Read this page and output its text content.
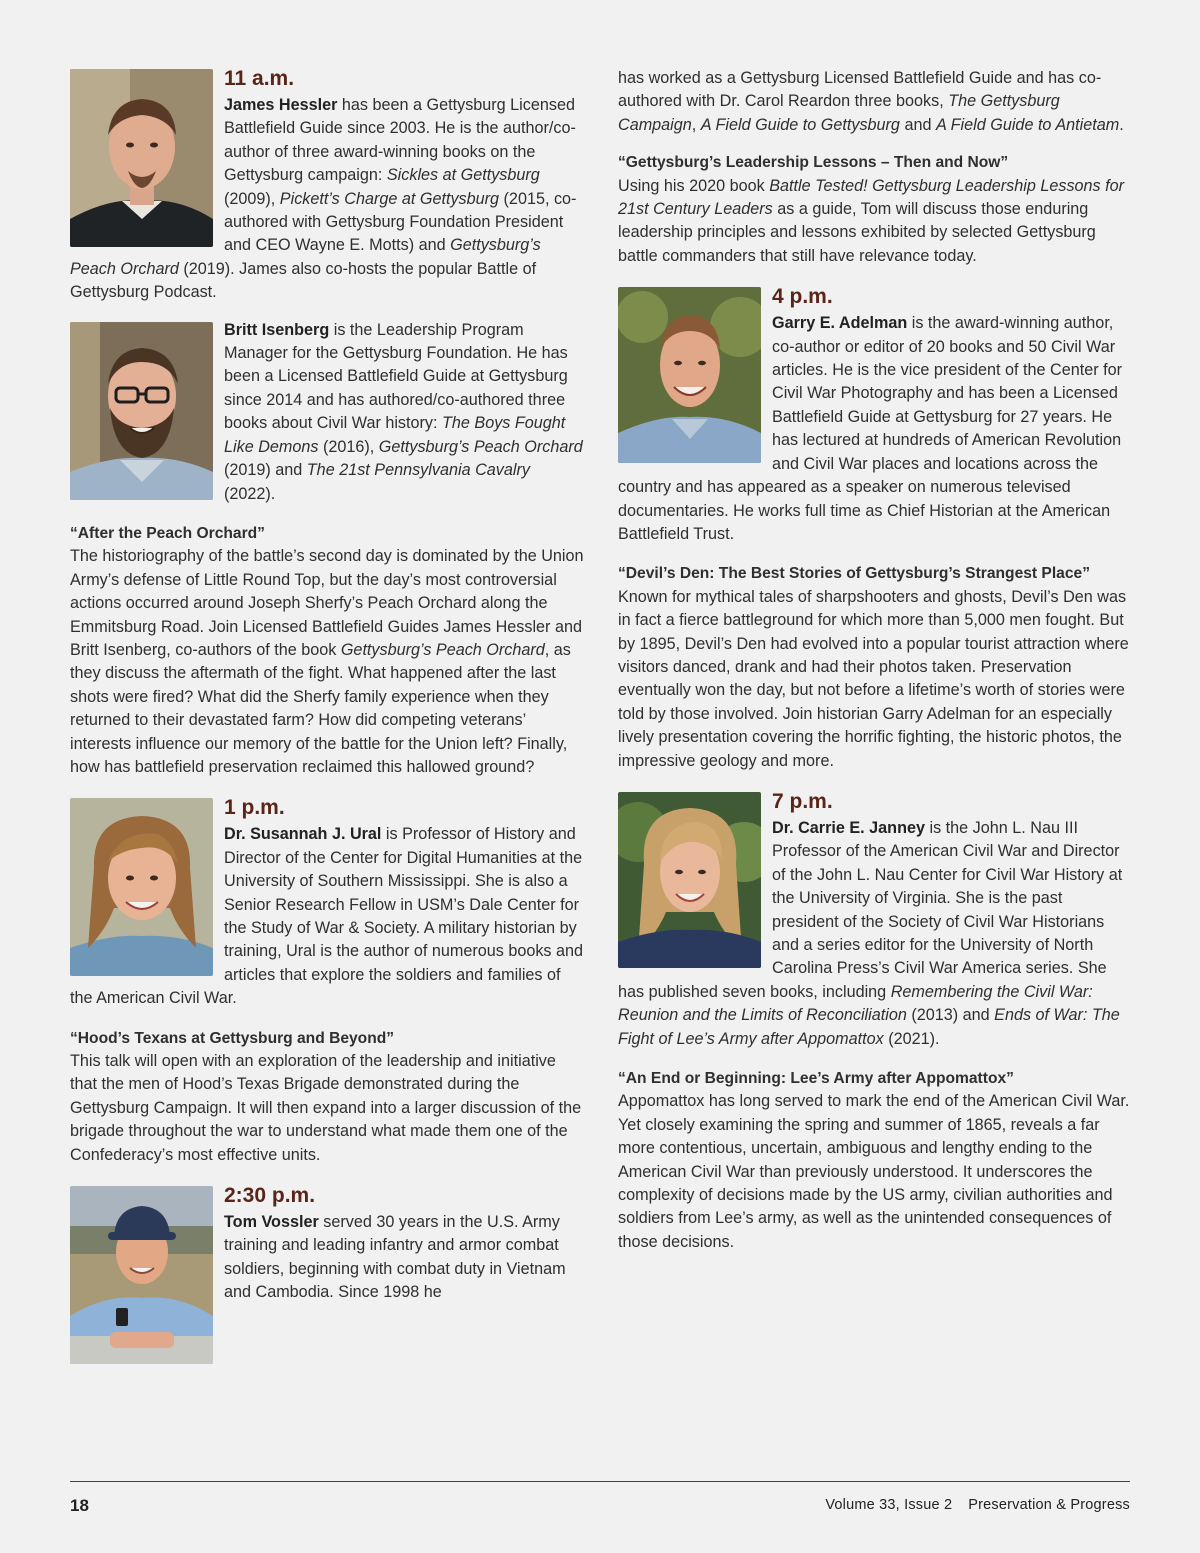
11 a.m.

James Hessler has been a Gettysburg Licensed Battlefield Guide since 2003. He is the author/co-author of three award-winning books on the Gettysburg campaign: Sickles at Gettysburg (2009), Pickett’s Charge at Gettysburg (2015, co-authored with Gettysburg Foundation President and CEO Wayne E. Motts) and Gettysburg’s Peach Orchard (2019). James also co-hosts the popular Battle of Gettysburg Podcast.

Britt Isenberg is the Leadership Program Manager for the Gettysburg Foundation. He has been a Licensed Battlefield Guide at Gettysburg since 2014 and has authored/co-authored three books about Civil War history: The Boys Fought Like Demons (2016), Gettysburg’s Peach Orchard (2019) and The 21st Pennsylvania Cavalry (2022).

“After the Peach Orchard”

The historiography of the battle’s second day is dominated by the Union Army’s defense of Little Round Top, but the day’s most controversial actions occurred around Joseph Sherfy’s Peach Orchard along the Emmitsburg Road. Join Licensed Battlefield Guides James Hessler and Britt Isenberg, co-authors of the book Gettysburg’s Peach Orchard, as they discuss the aftermath of the fight. What happened after the last shots were fired? What did the Sherfy family experience when they returned to their devastated farm? How did competing veterans’ interests influence our memory of the battle for the Union left? Finally, how has battlefield preservation reclaimed this hallowed ground?

1 p.m.

Dr. Susannah J. Ural is Professor of History and Director of the Center for Digital Humanities at the University of Southern Mississippi. She is also a Senior Research Fellow in USM’s Dale Center for the Study of War & Society. A military historian by training, Ural is the author of numerous books and articles that explore the soldiers and families of the American Civil War.

“Hood’s Texans at Gettysburg and Beyond”

This talk will open with an exploration of the leadership and initiative that the men of Hood’s Texas Brigade demonstrated during the Gettysburg Campaign. It will then expand into a larger discussion of the brigade throughout the war to understand what made them one of the Confederacy’s most effective units.

2:30 p.m.

Tom Vossler served 30 years in the U.S. Army training and leading infantry and armor combat soldiers, beginning with combat duty in Vietnam and Cambodia. Since 1998 he

has worked as a Gettysburg Licensed Battlefield Guide and has co-authored with Dr. Carol Reardon three books, The Gettysburg Campaign, A Field Guide to Gettysburg and A Field Guide to Antietam.

“Gettysburg’s Leadership Lessons – Then and Now”

Using his 2020 book Battle Tested! Gettysburg Leadership Lessons for 21st Century Leaders as a guide, Tom will discuss those enduring leadership principles and lessons exhibited by selected Gettysburg battle commanders that still have relevance today.

4 p.m.

Garry E. Adelman is the award-winning author, co-author or editor of 20 books and 50 Civil War articles. He is the vice president of the Center for Civil War Photography and has been a Licensed Battlefield Guide at Gettysburg for 27 years. He has lectured at hundreds of American Revolution and Civil War places and locations across the country and has appeared as a speaker on numerous televised documentaries. He works full time as Chief Historian at the American Battlefield Trust.

“Devil’s Den: The Best Stories of Gettysburg’s Strangest Place”

Known for mythical tales of sharpshooters and ghosts, Devil’s Den was in fact a fierce battleground for which more than 5,000 men fought. But by 1895, Devil’s Den had evolved into a popular tourist attraction where visitors danced, drank and had their photos taken. Preservation eventually won the day, but not before a lifetime’s worth of stories were told by those involved. Join historian Garry Adelman for an especially lively presentation covering the horrific fighting, the historic photos, the impressive geology and more.

7 p.m.

Dr. Carrie E. Janney is the John L. Nau III Professor of the American Civil War and Director of the John L. Nau Center for Civil War History at the University of Virginia. She is the past president of the Society of Civil War Historians and a series editor for the University of North Carolina Press’s Civil War America series. She has published seven books, including Remembering the Civil War: Reunion and the Limits of Reconciliation (2013) and Ends of War: The Fight of Lee’s Army after Appomattox (2021).

“An End or Beginning: Lee’s Army after Appomattox”

Appomattox has long served to mark the end of the American Civil War. Yet closely examining the spring and summer of 1865, reveals a far more contentious, uncertain, ambiguous and lengthy ending to the American Civil War than previously understood. It underscores the complexity of decisions made by the US army, civilian authorities and soldiers from Lee’s army, as well as the unintended consequences of those decisions.

18	Volume 33, Issue 2 Preservation & Progress
